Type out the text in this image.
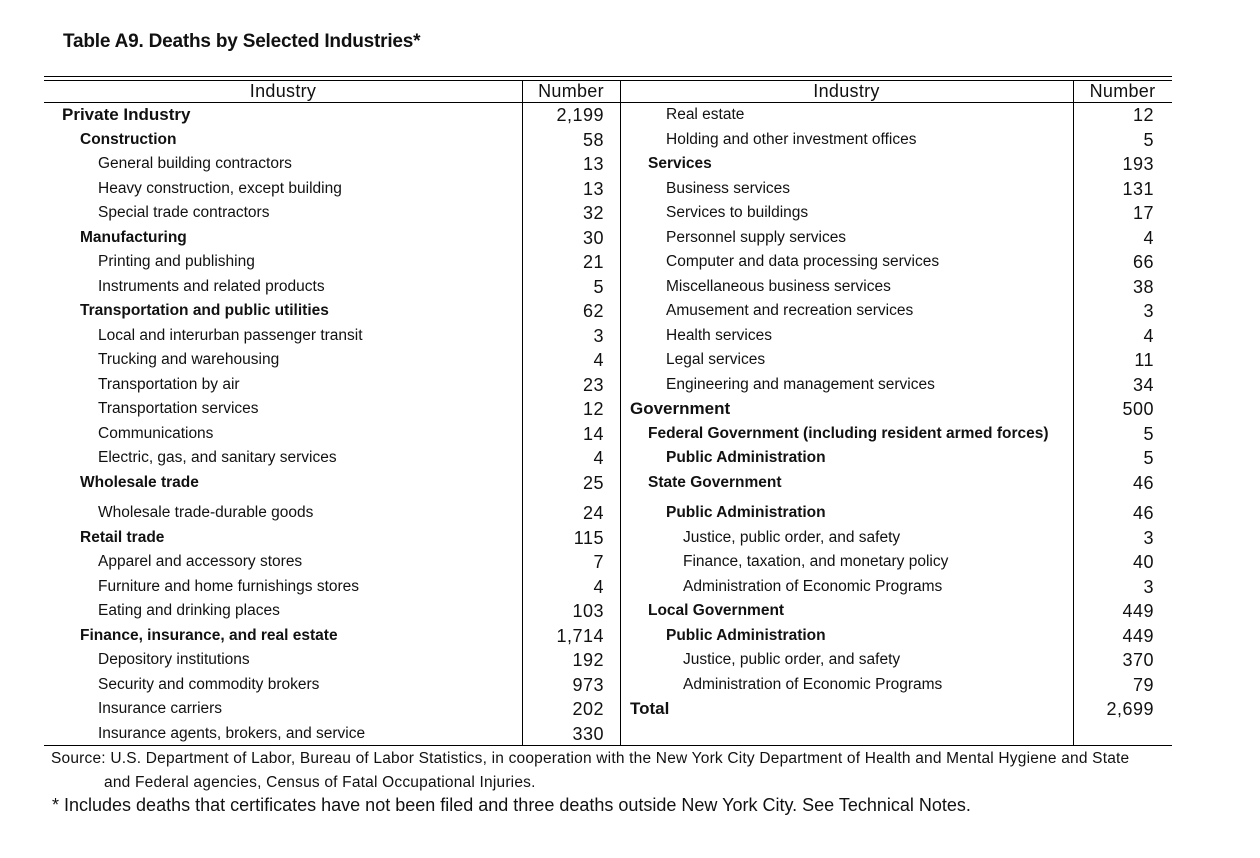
Table A9. Deaths by Selected Industries*
Industry	Number	Industry	Number
Private Industry	2,199
Construction	58
General building contractors	13
Heavy construction, except building	13
Special trade contractors	32
Manufacturing	30
Printing and publishing	21
Instruments and related products	5
Transportation and public utilities	62
Local and interurban passenger transit	3
Trucking and warehousing	4
Transportation by air	23
Transportation services	12
Communications	14
Electric, gas, and sanitary services	4
Wholesale trade	25
Wholesale trade-durable goods	24
Retail trade	115
Apparel and accessory stores	7
Furniture and home furnishings stores	4
Eating and drinking places	103
Finance, insurance, and real estate	1,714
Depository institutions	192
Security and commodity brokers	973
Insurance carriers	202
Insurance agents, brokers, and service	330
Real estate	12
Holding and other investment offices	5
Services	193
Business services	131
Services to buildings	17
Personnel supply services	4
Computer and data processing services	66
Miscellaneous business services	38
Amusement and recreation services	3
Health services	4
Legal services	11
Engineering and management services	34
Government	500
Federal Government (including resident armed forces)	5
Public Administration	5
State Government	46
Public Administration	46
Justice, public order, and safety	3
Finance, taxation, and monetary policy	40
Administration of Economic Programs	3
Local Government	449
Public Administration	449
Justice, public order, and safety	370
Administration of Economic Programs	79
Total	2,699
Source: U.S. Department of Labor, Bureau of Labor Statistics, in cooperation with the New York City Department of Health and Mental Hygiene and State
and Federal agencies, Census of Fatal Occupational Injuries.
* Includes deaths that certificates have not been filed and three deaths outside New York City. See Technical Notes.
